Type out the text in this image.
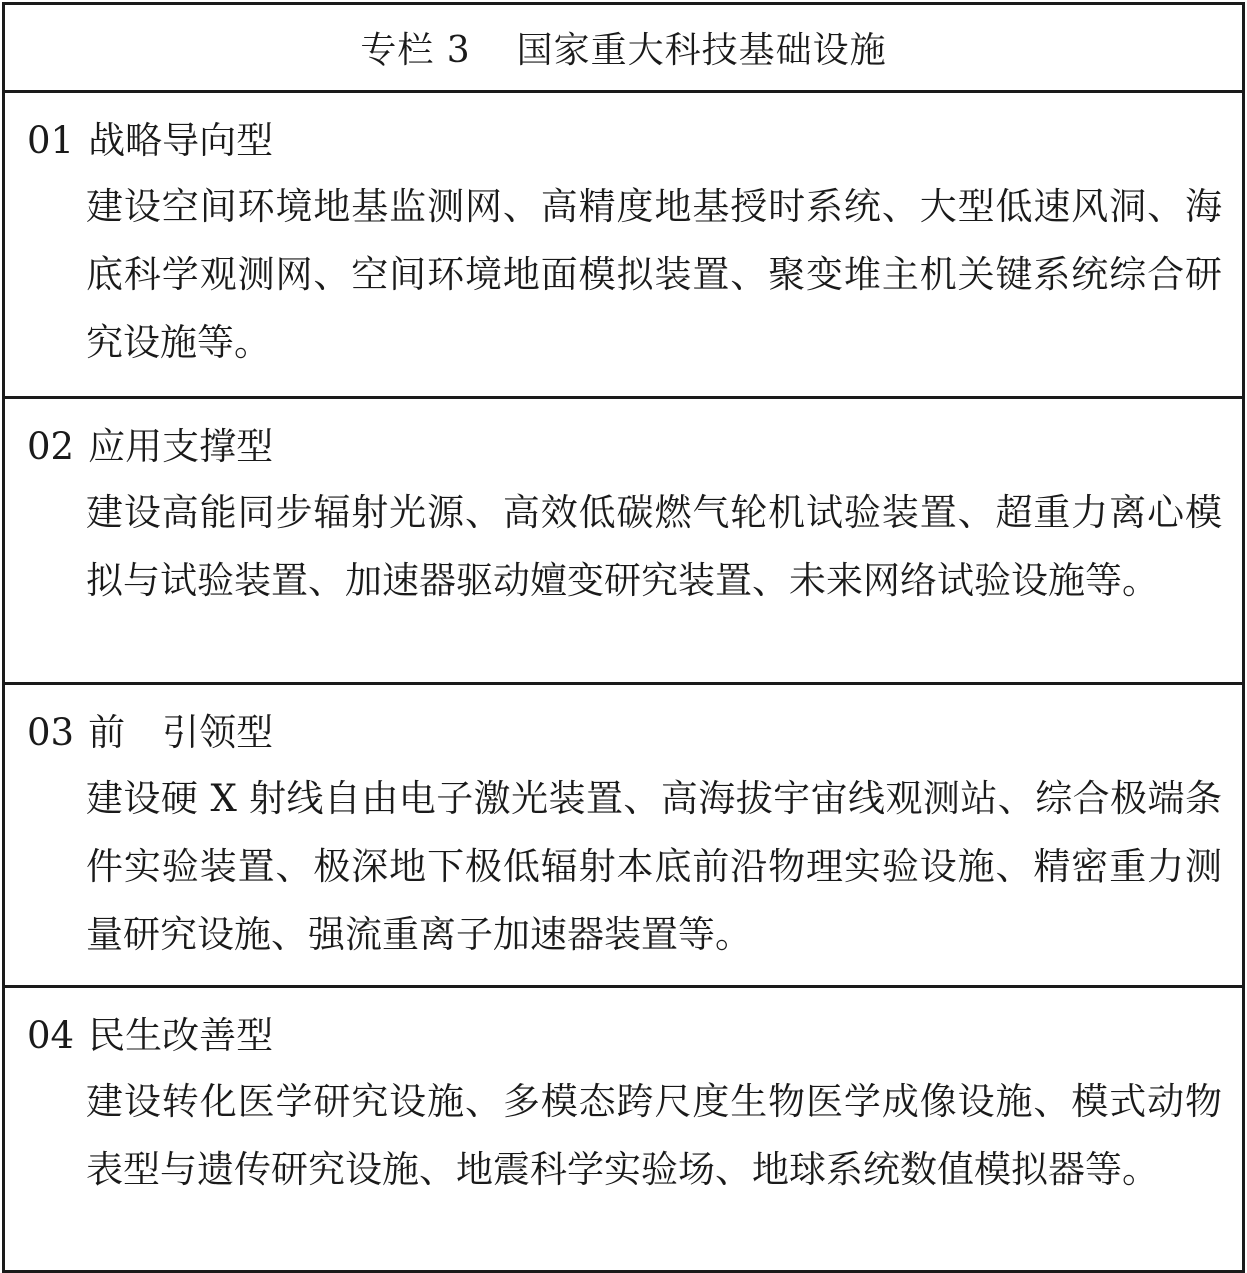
专栏 3 国家重大科技基础设施
01 战略导向型
建设空间环境地基监测网、高精度地基授时系统、大型低速风洞、海底科学观测网、空间环境地面模拟装置、聚变堆主机关键系统综合研究设施等。
02 应用支撑型
建设高能同步辐射光源、高效低碳燃气轮机试验装置、超重力离心模拟与试验装置、加速器驱动嬗变研究装置、未来网络试验设施等。
03 前　引领型
建设硬 X 射线自由电子激光装置、高海拔宇宙线观测站、综合极端条件实验装置、极深地下极低辐射本底前沿物理实验设施、精密重力测量研究设施、强流重离子加速器装置等。
04 民生改善型
建设转化医学研究设施、多模态跨尺度生物医学成像设施、模式动物表型与遗传研究设施、地震科学实验场、地球系统数值模拟器等。
